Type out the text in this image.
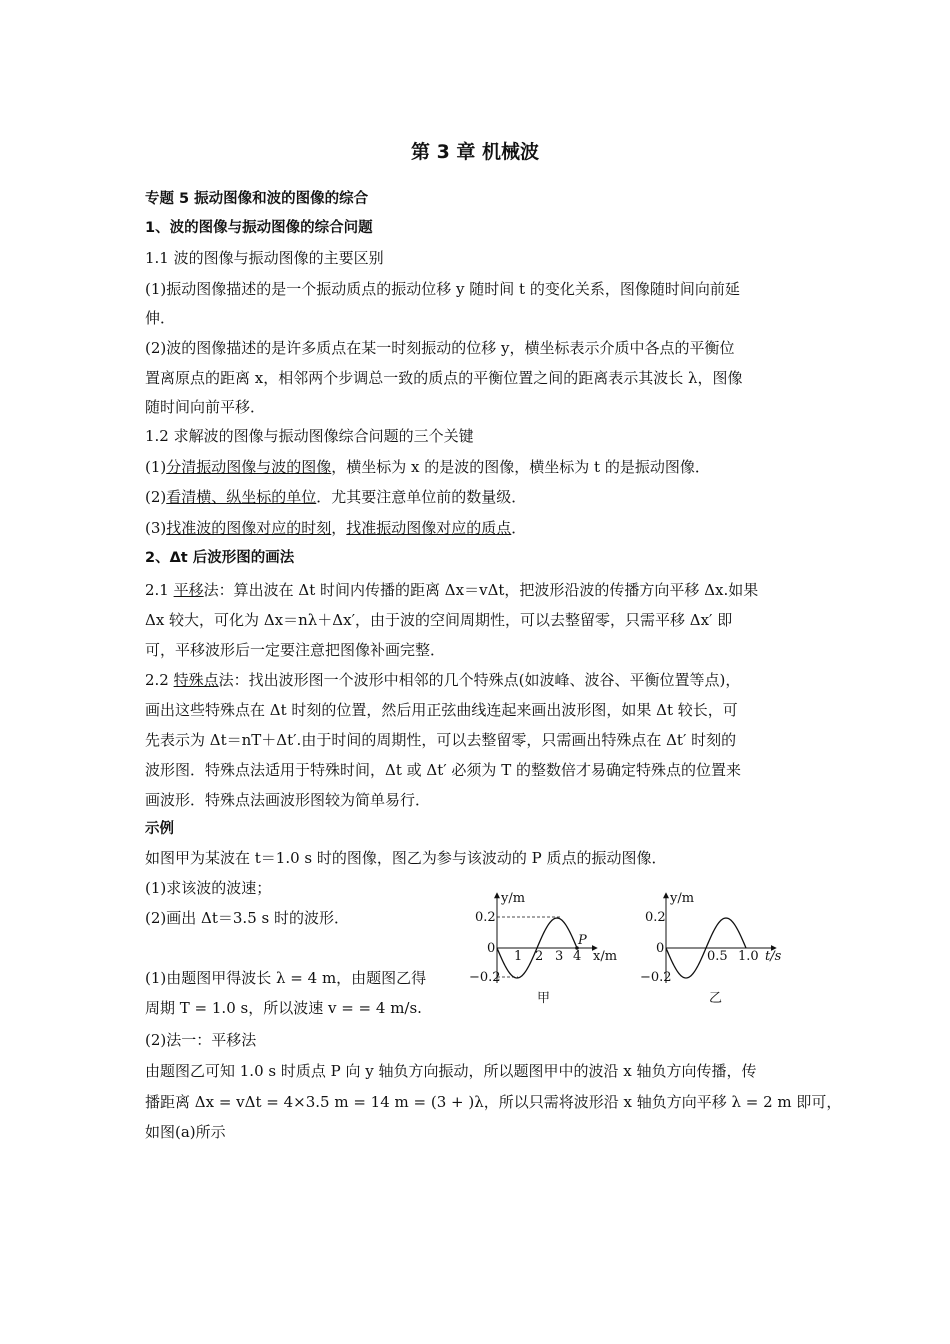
第 3 章 机械波
专题 5 振动图像和波的图像的综合
1、波的图像与振动图像的综合问题
1.1 波的图像与振动图像的主要区别
(1)振动图像描述的是一个振动质点的振动位移 y 随时间 t 的变化关系，图像随时间向前延
伸．
(2)波的图像描述的是许多质点在某一时刻振动的位移 y，横坐标表示介质中各点的平衡位
置离原点的距离 x，相邻两个步调总一致的质点的平衡位置之间的距离表示其波长 λ，图像
随时间向前平移．
1.2 求解波的图像与振动图像综合问题的三个关键
(1)分清振动图像与波的图像，横坐标为 x 的是波的图像，横坐标为 t 的是振动图像．
(2)看清横、纵坐标的单位．尤其要注意单位前的数量级．
(3)找准波的图像对应的时刻，找准振动图像对应的质点．
2、Δt 后波形图的画法
2.1 平移法：算出波在 Δt 时间内传播的距离 Δx＝vΔt，把波形沿波的传播方向平移 Δx.如果
Δx 较大，可化为 Δx＝nλ＋Δx′，由于波的空间周期性，可以去整留零，只需平移 Δx′ 即
可，平移波形后一定要注意把图像补画完整．
2.2 特殊点法：找出波形图一个波形中相邻的几个特殊点(如波峰、波谷、平衡位置等点)，
画出这些特殊点在 Δt 时刻的位置，然后用正弦曲线连起来画出波形图，如果 Δt 较长，可
先表示为 Δt＝nT＋Δt′.由于时间的周期性，可以去整留零，只需画出特殊点在 Δt′ 时刻的
波形图．特殊点法适用于特殊时间，Δt 或 Δt′ 必须为 T 的整数倍才易确定特殊点的位置来
画波形．特殊点法画波形图较为简单易行．
示例
如图甲为某波在 t＝1.0 s 时的图像，图乙为参与该波动的 P 质点的振动图像．
(1)求该波的波速；
(2)画出 Δt＝3.5 s 时的波形．
(1)由题图甲得波长 λ = 4 m，由题图乙得
周期 T = 1.0 s，所以波速 v = = 4 m/s.
(2)法一：平移法
由题图乙可知 1.0 s 时质点 P 向 y 轴负方向振动，所以题图甲中的波沿 x 轴负方向传播，传
播距离 Δx = vΔt = 4×3.5 m = 14 m = (3 + )λ，所以只需将波形沿 x 轴负方向平移 λ = 2 m 即可，
如图(a)所示
P
y/m
x/m
0.2
0
−0.2
1 2 3 4
甲
y/m
t/s
0.2
0
−0.2
0.5 1.0
乙
